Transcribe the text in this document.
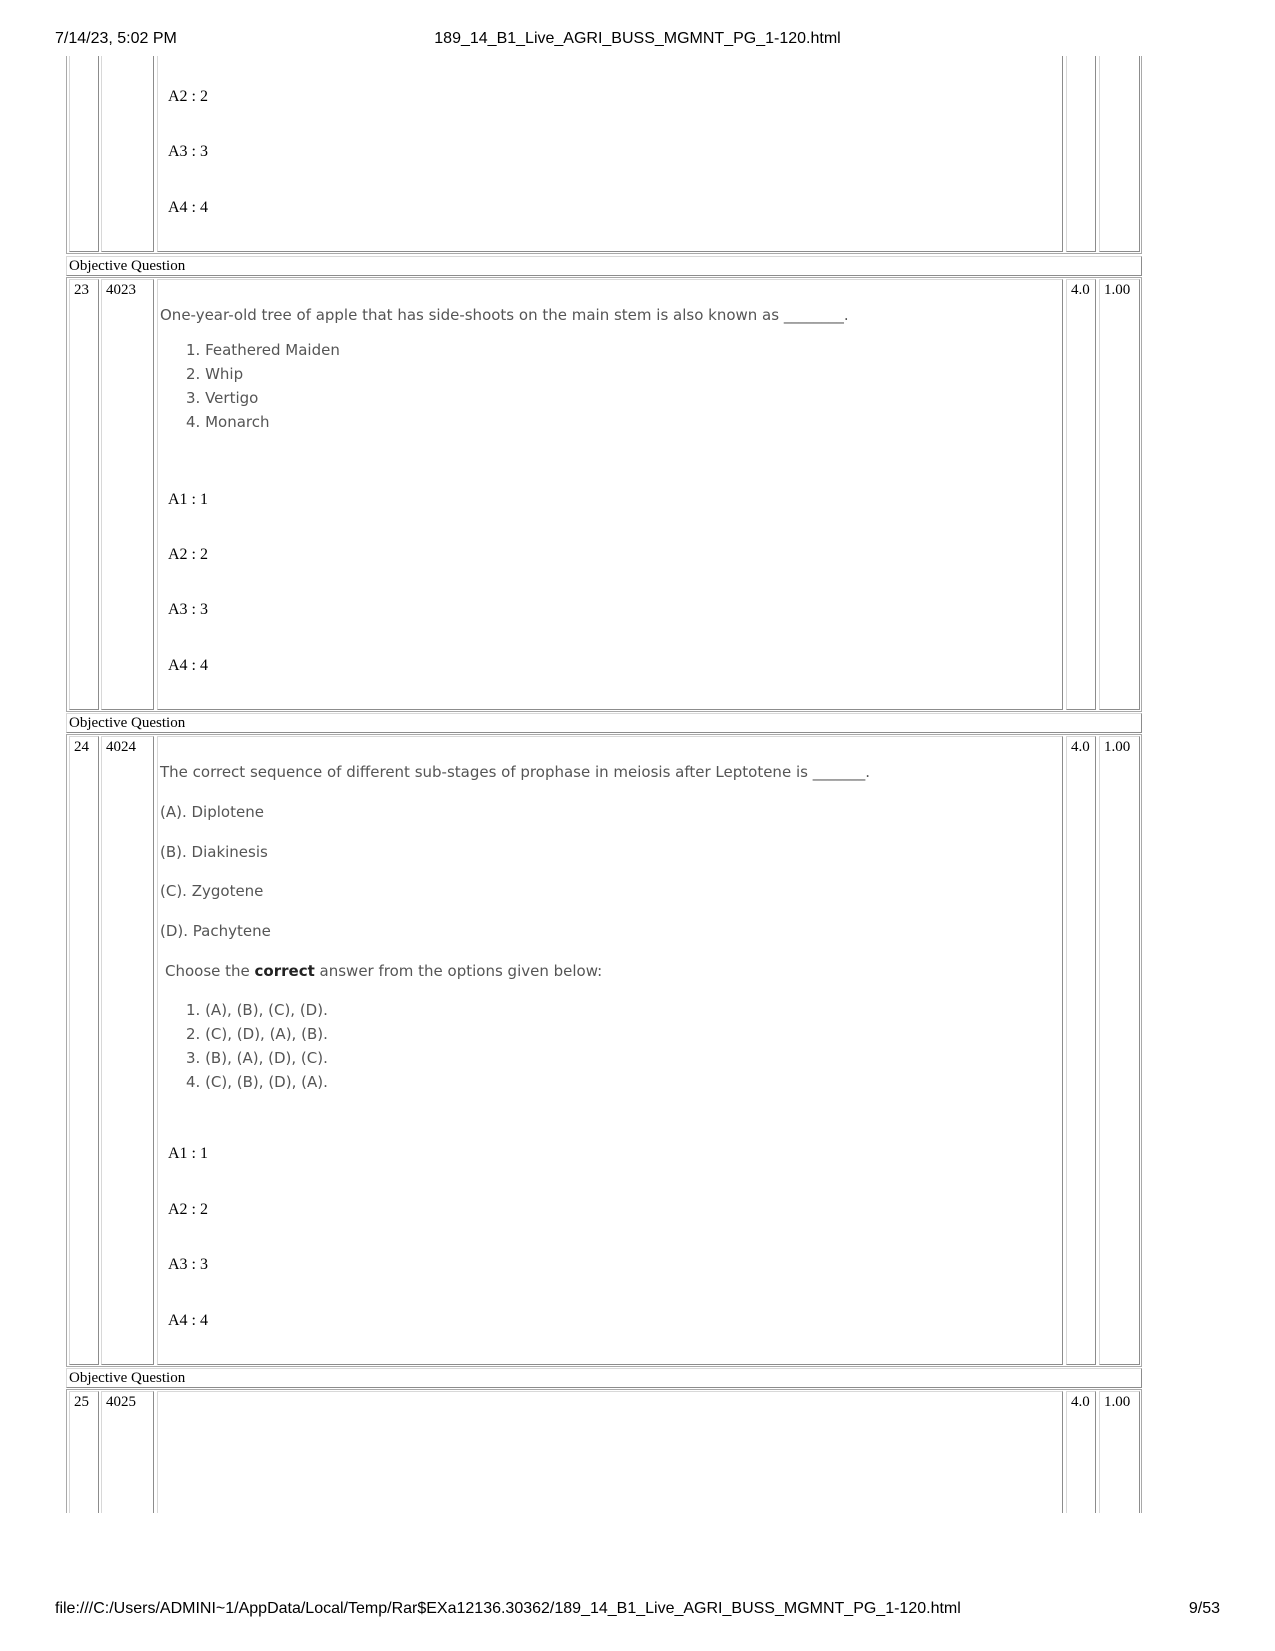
7/14/23, 5:02 PM	189_14_B1_Live_AGRI_BUSS_MGMNT_PG_1-120.html

A2 : 2

A3 : 3

A4 : 4

Objective Question
23	4023

One-year-old tree of apple that has side-shoots on the main stem is also known as ________.

1. Feathered Maiden
2. Whip
3. Vertigo
4. Monarch

A1 : 1

A2 : 2

A3 : 3

A4 : 4

4.0 1.00
Objective Question
24	4024

The correct sequence of different sub-stages of prophase in meiosis after Leptotene is _______.

(A). Diplotene

(B). Diakinesis

(C). Zygotene

(D). Pachytene

Choose the correct answer from the options given below:

1. (A), (B), (C), (D).
2. (C), (D), (A), (B).
3. (B), (A), (D), (C).
4. (C), (B), (D), (A).

A1 : 1

A2 : 2

A3 : 3

A4 : 4

4.0 1.00
Objective Question
25	4025	4.0 1.00
file:///C:/Users/ADMINI~1/AppData/Local/Temp/Rar$EXa12136.30362/189_14_B1_Live_AGRI_BUSS_MGMNT_PG_1-120.html	9/53
